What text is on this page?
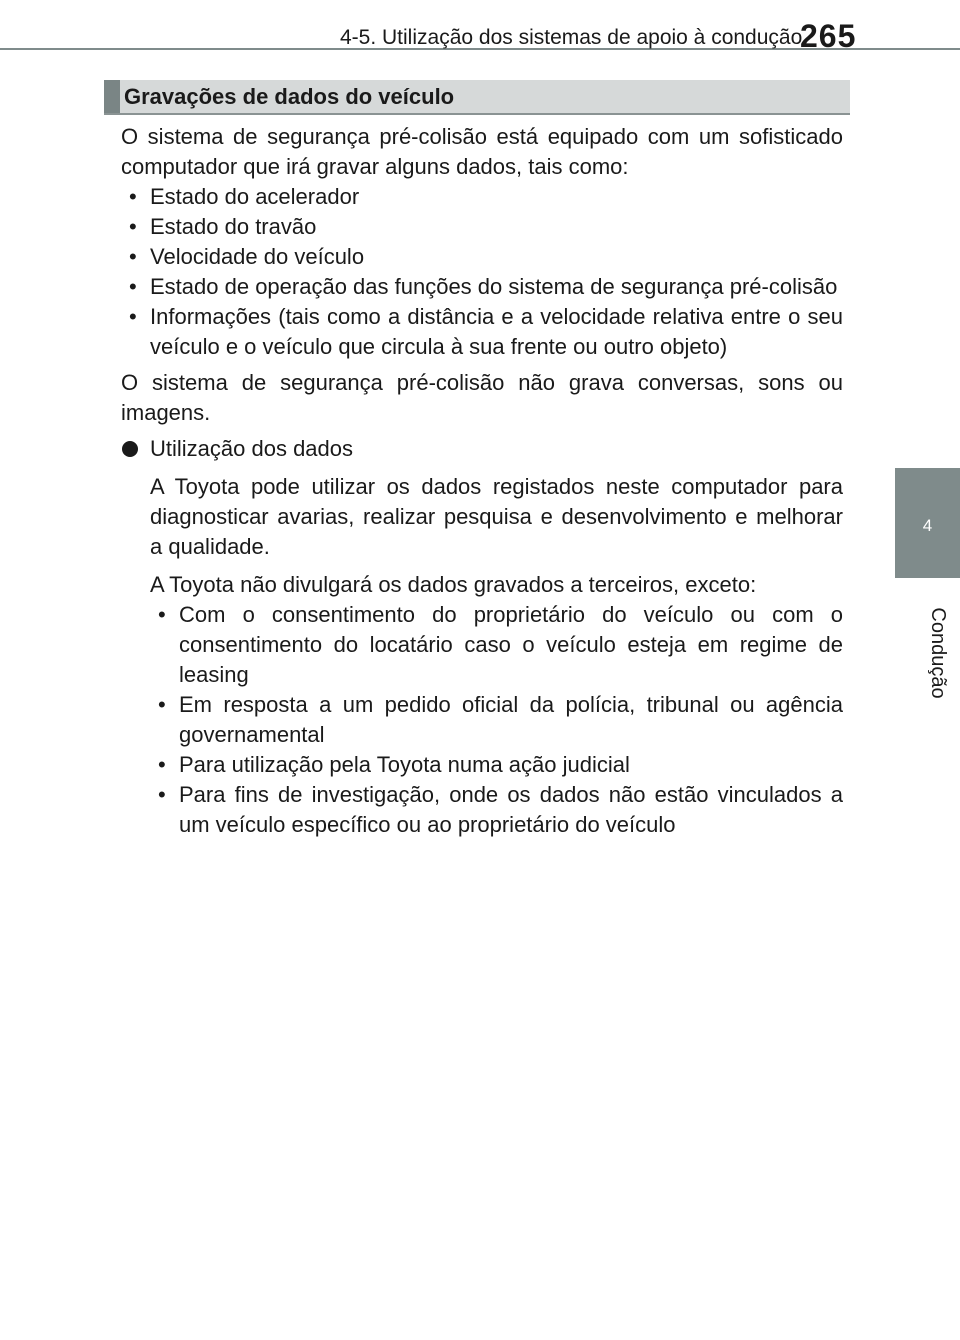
4-5. Utilização dos sistemas de apoio à condução
265
4
Condução
Gravações de dados do veículo

O sistema de segurança pré-colisão está equipado com um sofisticado computador que irá gravar alguns dados, tais como:

• Estado do acelerador
• Estado do travão
• Velocidade do veículo
• Estado de operação das funções do sistema de segurança pré-colisão
• Informações (tais como a distância e a velocidade relativa entre o seu veículo e o veículo que circula à sua frente ou outro objeto)

O sistema de segurança pré-colisão não grava conversas, sons ou imagens.

Utilização dos dados

A Toyota pode utilizar os dados registados neste computador para diagnosticar avarias, realizar pesquisa e desenvolvimento e melhorar a qualidade.

A Toyota não divulgará os dados gravados a terceiros, exceto:

• Com o consentimento do proprietário do veículo ou com o consentimento do locatário caso o veículo esteja em regime de leasing
• Em resposta a um pedido oficial da polícia, tribunal ou agência governamental
• Para utilização pela Toyota numa ação judicial
• Para fins de investigação, onde os dados não estão vinculados a um veículo específico ou ao proprietário do veículo
